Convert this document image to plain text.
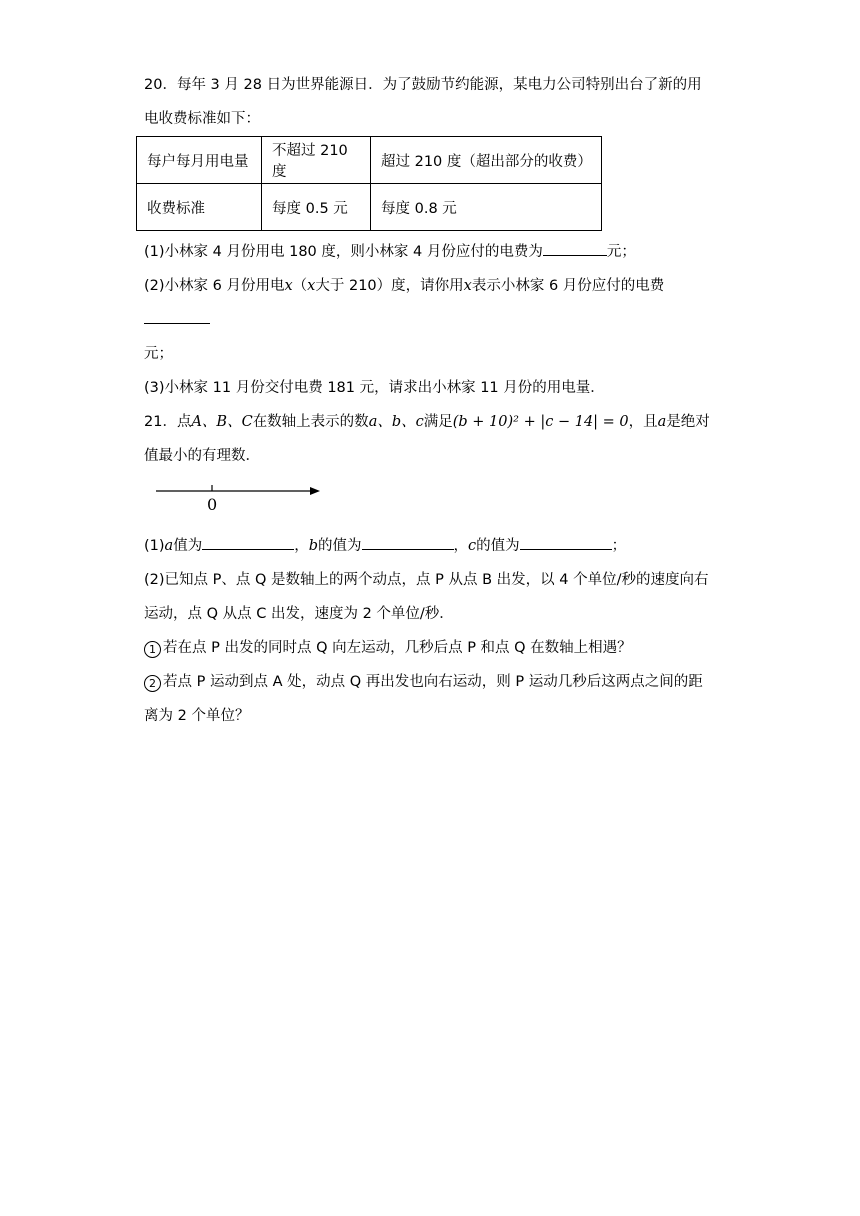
20．每年 3 月 28 日为世界能源日．为了鼓励节约能源，某电力公司特别出台了新的用

电收费标准如下：

每户每月用电量	不超过 210 度	超过 210 度（超出部分的收费）
收费标准	每度 0.5 元	每度 0.8 元

(1)小林家 4 月份用电 180 度，则小林家 4 月份应付的电费为	元；

(2)小林家 6 月份用电x（x大于 210）度，请你用x表示小林家 6 月份应付的电费

元；

(3)小林家 11 月份交付电费 181 元，请求出小林家 11 月份的用电量．

21．点A、B、C在数轴上表示的数a、b、c满足(b + 10)² + |c − 14| = 0，且a是绝对

值最小的有理数．

0

(1)a值为	，b的值为	，c的值为	；

(2)已知点 P、点 Q 是数轴上的两个动点，点 P 从点 B 出发，以 4 个单位/秒的速度向右

运动，点 Q 从点 C 出发，速度为 2 个单位/秒．

1 若在点 P 出发的同时点 Q 向左运动，几秒后点 P 和点 Q 在数轴上相遇？

2 若点 P 运动到点 A 处，动点 Q 再出发也向右运动，则 P 运动几秒后这两点之间的距

离为 2 个单位？
